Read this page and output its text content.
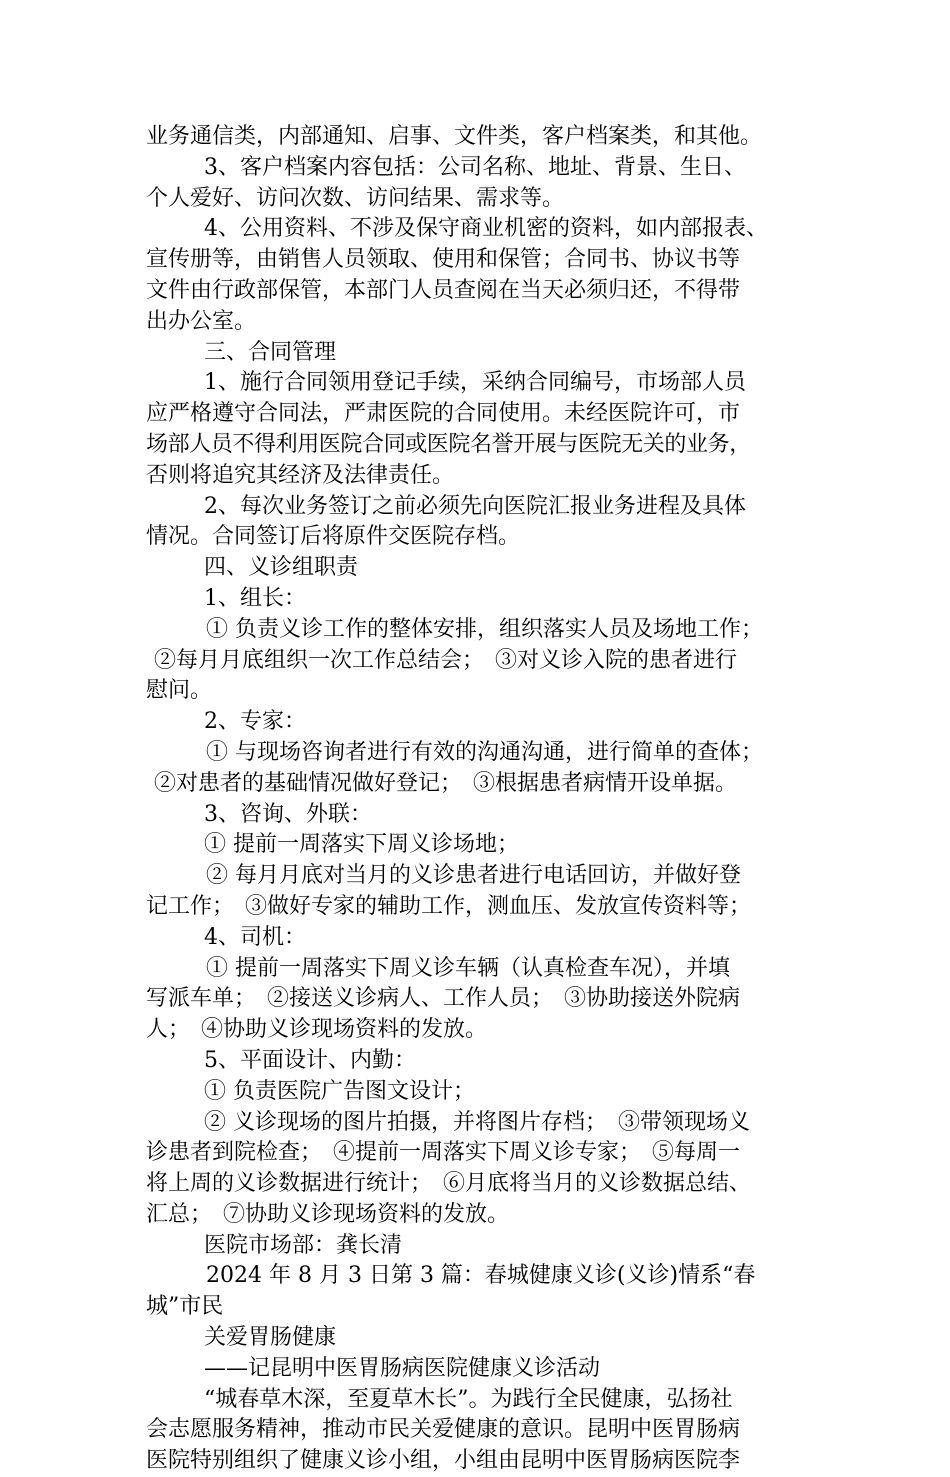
业务通信类，内部通知、启事、文件类，客户档案类，和其他。
3、客户档案内容包括：公司名称、地址、背景、生日、
个人爱好、访问次数、访问结果、需求等。
4、公用资料、不涉及保守商业机密的资料，如内部报表、
宣传册等，由销售人员领取、使用和保管；合同书、协议书等
文件由行政部保管，本部门人员查阅在当天必须归还，不得带
出办公室。
三、合同管理
1、施行合同领用登记手续，采纳合同编号，市场部人员
应严格遵守合同法，严肃医院的合同使用。未经医院许可，市
场部人员不得利用医院合同或医院名誉开展与医院无关的业务，
否则将追究其经济及法律责任。
2、每次业务签订之前必须先向医院汇报业务进程及具体
情况。合同签订后将原件交医院存档。
四、义诊组职责
1、组长：
① 负责义诊工作的整体安排，组织落实人员及场地工作；
②每月月底组织一次工作总结会；　③对义诊入院的患者进行
慰问。
2、专家：
① 与现场咨询者进行有效的沟通沟通，进行简单的查体；
②对患者的基础情况做好登记；　③根据患者病情开设单据。
3、咨询、外联：
① 提前一周落实下周义诊场地；
② 每月月底对当月的义诊患者进行电话回访，并做好登
记工作；　③做好专家的辅助工作，测血压、发放宣传资料等；
4、司机：
① 提前一周落实下周义诊车辆（认真检查车况），并填
写派车单；　②接送义诊病人、工作人员；　③协助接送外院病
人；　④协助义诊现场资料的发放。
5、平面设计、内勤：
① 负责医院广告图文设计；
② 义诊现场的图片拍摄，并将图片存档；　③带领现场义
诊患者到院检查；　④提前一周落实下周义诊专家；　⑤每周一
将上周的义诊数据进行统计；　⑥月底将当月的义诊数据总结、
汇总；　⑦协助义诊现场资料的发放。
医院市场部：龚长清
2024 年 8 月 3 日第 3 篇：春城健康义诊(义诊)情系“春
城”市民
关爱胃肠健康
——记昆明中医胃肠病医院健康义诊活动
“城春草木深，至夏草木长”。为践行全民健康，弘扬社
会志愿服务精神，推动市民关爱健康的意识。昆明中医胃肠病
医院特别组织了健康义诊小组，小组由昆明中医胃肠病医院李
